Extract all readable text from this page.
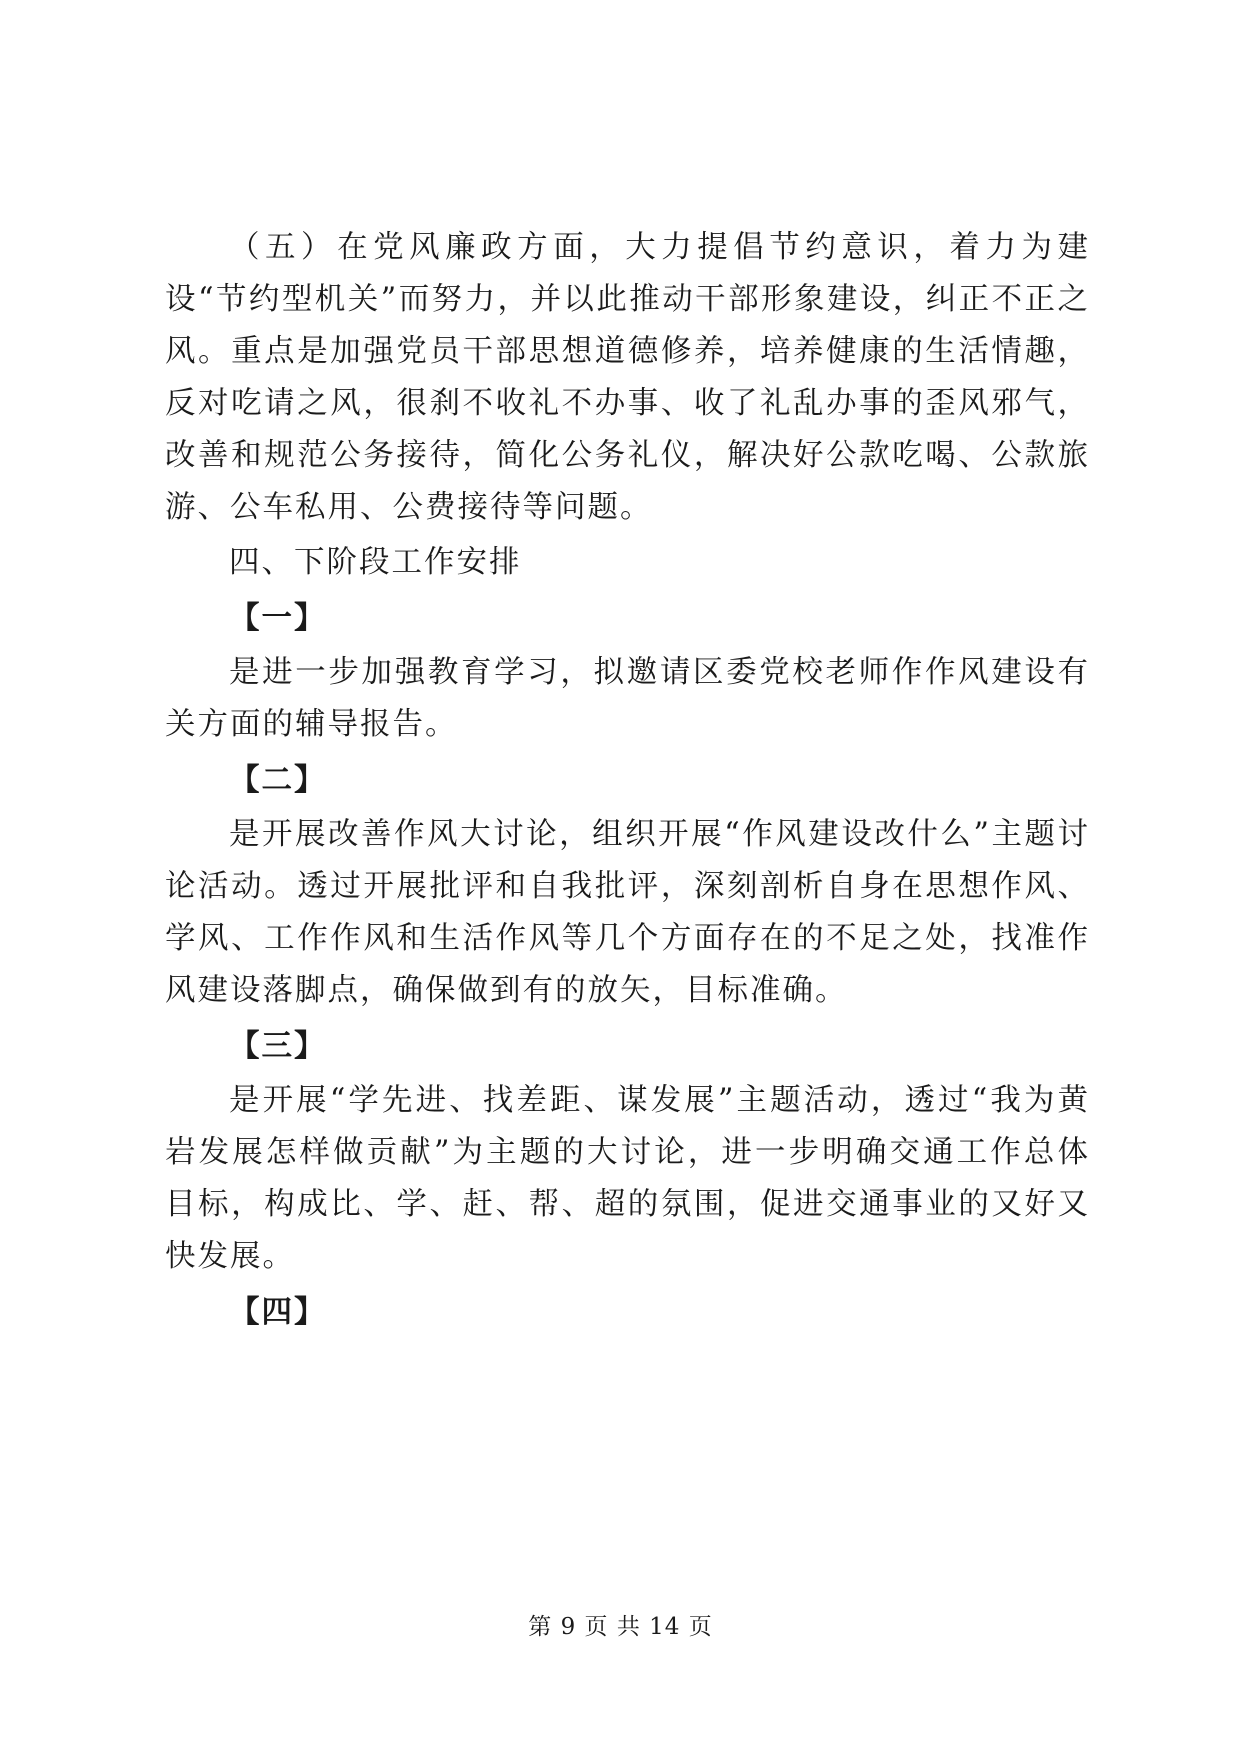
（五）在党风廉政方面，大力提倡节约意识，着力为建设“节约型机关”而努力，并以此推动干部形象建设，纠正不正之风。重点是加强党员干部思想道德修养，培养健康的生活情趣，反对吃请之风，很刹不收礼不办事、收了礼乱办事的歪风邪气，改善和规范公务接待，简化公务礼仪，解决好公款吃喝、公款旅游、公车私用、公费接待等问题。

四、下阶段工作安排

【一】

是进一步加强教育学习，拟邀请区委党校老师作作风建设有关方面的辅导报告。

【二】

是开展改善作风大讨论，组织开展“作风建设改什么”主题讨论活动。透过开展批评和自我批评，深刻剖析自身在思想作风、学风、工作作风和生活作风等几个方面存在的不足之处，找准作风建设落脚点，确保做到有的放矢，目标准确。

【三】

是开展“学先进、找差距、谋发展”主题活动，透过“我为黄岩发展怎样做贡献”为主题的大讨论，进一步明确交通工作总体目标，构成比、学、赶、帮、超的氛围，促进交通事业的又好又快发展。

【四】

第 9 页 共 14 页
